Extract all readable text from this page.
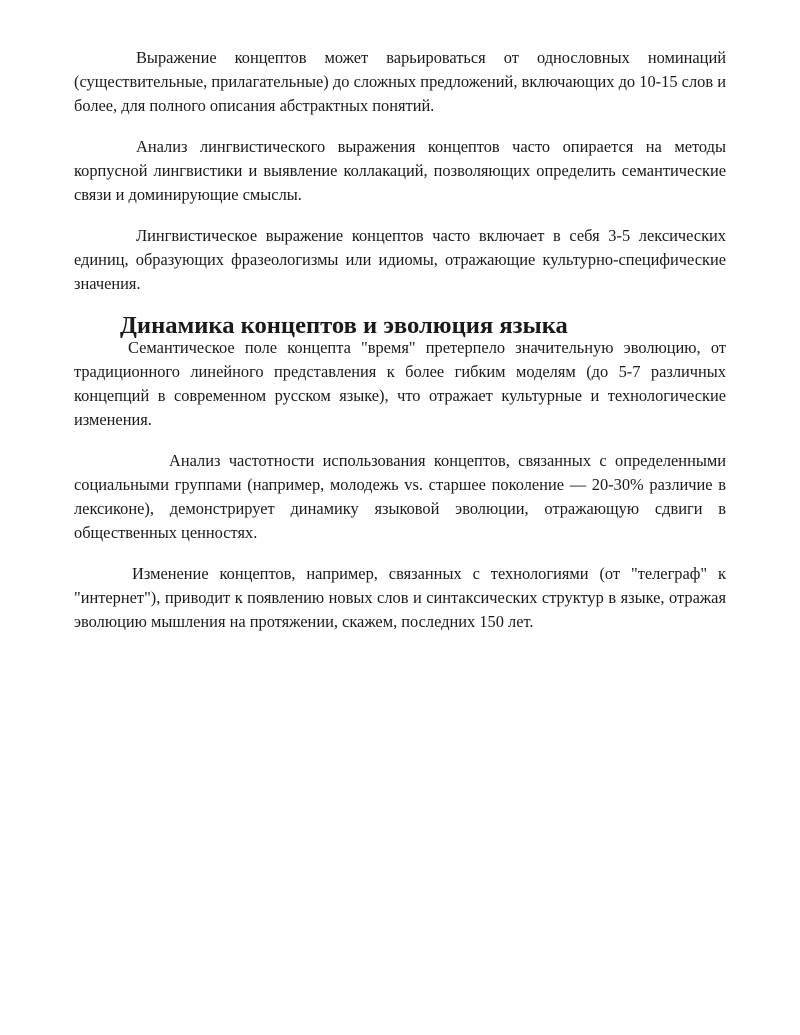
Выражение концептов может варьироваться от однословных номинаций (существительные, прилагательные) до сложных предложений, включающих до 10-15 слов и более, для полного описания абстрактных понятий.

Анализ лингвистического выражения концептов часто опирается на методы корпусной лингвистики и выявление коллакаций, позволяющих определить семантические связи и доминирующие смыслы.

Лингвистическое выражение концептов часто включает в себя 3-5 лексических единиц, образующих фразеологизмы или идиомы, отражающие культурно-специфические значения.

Динамика концептов и эволюция языка

Семантическое поле концепта "время" претерпело значительную эволюцию, от традиционного линейного представления к более гибким моделям (до 5-7 различных концепций в современном русском языке), что отражает культурные и технологические изменения.

Анализ частотности использования концептов, связанных с определенными социальными группами (например, молодежь vs. старшее поколение — 20-30% различие в лексиконе), демонстрирует динамику языковой эволюции, отражающую сдвиги в общественных ценностях.

Изменение концептов, например, связанных с технологиями (от "телеграф" к "интернет"), приводит к появлению новых слов и синтаксических структур в языке, отражая эволюцию мышления на протяжении, скажем, последних 150 лет.
